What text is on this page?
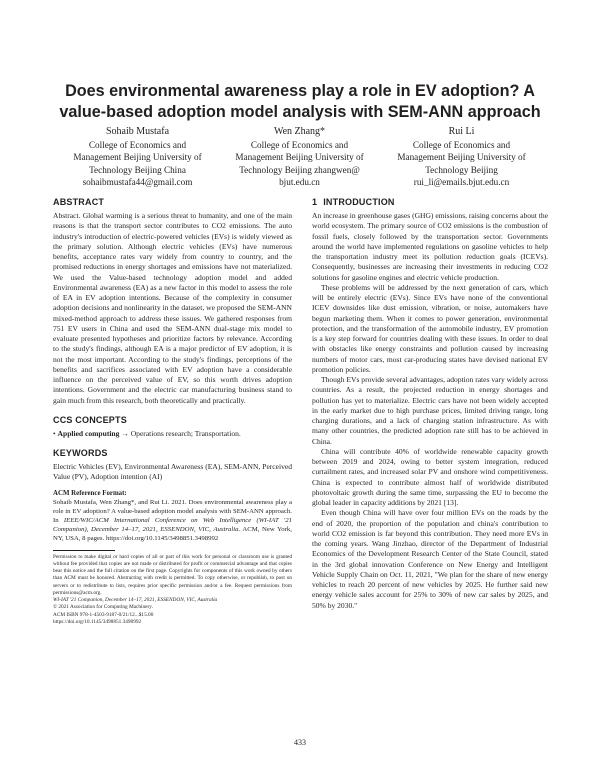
Does environmental awareness play a role in EV adoption? A
value-based adoption model analysis with SEM-ANN approach
Sohaib Mustafa
College of Economics and
Management Beijing University of
Technology Beijing China
sohaibmustafa44@gmail.com
Wen Zhang*
College of Economics and
Management Beijing University of
Technology Beijing zhangwen@
bjut.edu.cn
Rui Li
College of Economics and
Management Beijing University of
Technology Beijing
rui_li@emails.bjut.edu.cn
ABSTRACT

Abstract. Global warming is a serious threat to humanity, and one of the main reasons is that the transport sector contributes to CO2 emissions. The auto industry's introduction of electric-powered vehicles (EVs) is widely viewed as the primary solution. Although electric vehicles (EVs) have numerous benefits, acceptance rates vary widely from country to country, and the promised reductions in energy shortages and emissions have not materialized. We used the Value-based technology adoption model and added Environmental awareness (EA) as a new factor in this model to assess the role of EA in EV adoption intentions. Because of the complexity in consumer adoption decisions and nonlinearity in the dataset, we proposed the SEM-ANN mixed-method approach to address these issues. We gathered responses from 751 EV users in China and used the SEM-ANN dual-stage mix model to evaluate presented hypotheses and prioritize factors by relevance. According to the study's findings, although EA is a major predictor of EV adoption, it is not the most important. According to the study's findings, perceptions of the benefits and sacrifices associated with EV adoption have a considerable influence on the perceived value of EV, so this worth drives adoption intentions. Government and the electric car manufacturing business stand to gain much from this research, both theoretically and practically.

CCS CONCEPTS

• Applied computing → Operations research; Transportation.

KEYWORDS

Electric Vehicles (EV), Environmental Awareness (EA), SEM-ANN, Perceived Value (PV), Adoption intention (AI)

ACM Reference Format:

Sohaib Mustafa, Wen Zhang*, and Rui Li. 2021. Does environmental awareness play a role in EV adoption? A value-based adoption model analysis with SEM-ANN approach. In IEEE/WIC/ACM International Conference on Web Intelligence (WI-IAT '21 Companion), December 14–17, 2021, ESSENDON, VIC, Australia. ACM, New York, NY, USA, 8 pages. https://doi.org/10.1145/3498851.3498992

Permission to make digital or hard copies of all or part of this work for personal or classroom use is granted without fee provided that copies are not made or distributed for profit or commercial advantage and that copies bear this notice and the full citation on the first page. Copyrights for components of this work owned by others than ACM must be honored. Abstracting with credit is permitted. To copy otherwise, or republish, to post on servers or to redistribute to lists, requires prior specific permission and/or a fee. Request permissions from permissions@acm.org.

WI-IAT '21 Companion, December 14–17, 2021, ESSENDON, VIC, Australia

© 2021 Association for Computing Machinery.

ACM ISBN 978-1-4503-9187-0/21/12...$15.00

https://doi.org/10.1145/3498851.3498992

1 INTRODUCTION

An increase in greenhouse gases (GHG) emissions, raising concerns about the world ecosystem. The primary source of CO2 emissions is the combustion of fossil fuels, closely followed by the transportation sector. Governments around the world have implemented regulations on gasoline vehicles to help the transportation industry meet its pollution reduction goals (ICEVs). Consequently, businesses are increasing their investments in reducing CO2 solutions for gasoline engines and electric vehicle production.

These problems will be addressed by the next generation of cars, which will be entirely electric (EVs). Since EVs have none of the conventional ICEV downsides like dust emission, vibration, or noise, automakers have begun marketing them. When it comes to power generation, environmental protection, and the transformation of the automobile industry, EV promotion is a key step forward for countries dealing with these issues. In order to deal with obstacles like energy constraints and pollution caused by increasing numbers of motor cars, most car-producing states have devised national EV promotion policies.

Though EVs provide several advantages, adoption rates vary widely across countries. As a result, the projected reduction in energy shortages and pollution has yet to materialize. Electric cars have not been widely accepted in the early market due to high purchase prices, limited driving range, long charging durations, and a lack of charging station infrastructure. As with many other countries, the predicted adoption rate still has to be achieved in China.

China will contribute 40% of worldwide renewable capacity growth between 2019 and 2024, owing to better system integration, reduced curtailment rates, and increased solar PV and onshore wind competitiveness. China is expected to contribute almost half of worldwide distributed photovoltaic growth during the same time, surpassing the EU to become the global leader in capacity additions by 2021 [13].

Even though China will have over four million EVs on the roads by the end of 2020, the proportion of the population and china's contribution to world CO2 emission is far beyond this contribution. They need more EVs in the coming years. Wang Jinzhao, director of the Department of Industrial Economics of the Development Research Center of the State Council, stated in the 3rd global innovation Conference on New Energy and Intelligent Vehicle Supply Chain on Oct. 11, 2021, "We plan for the share of new energy vehicles to reach 20 percent of new vehicles by 2025. He further said new energy vehicle sales account for 25% to 30% of new car sales by 2025, and 50% by 2030."

433
